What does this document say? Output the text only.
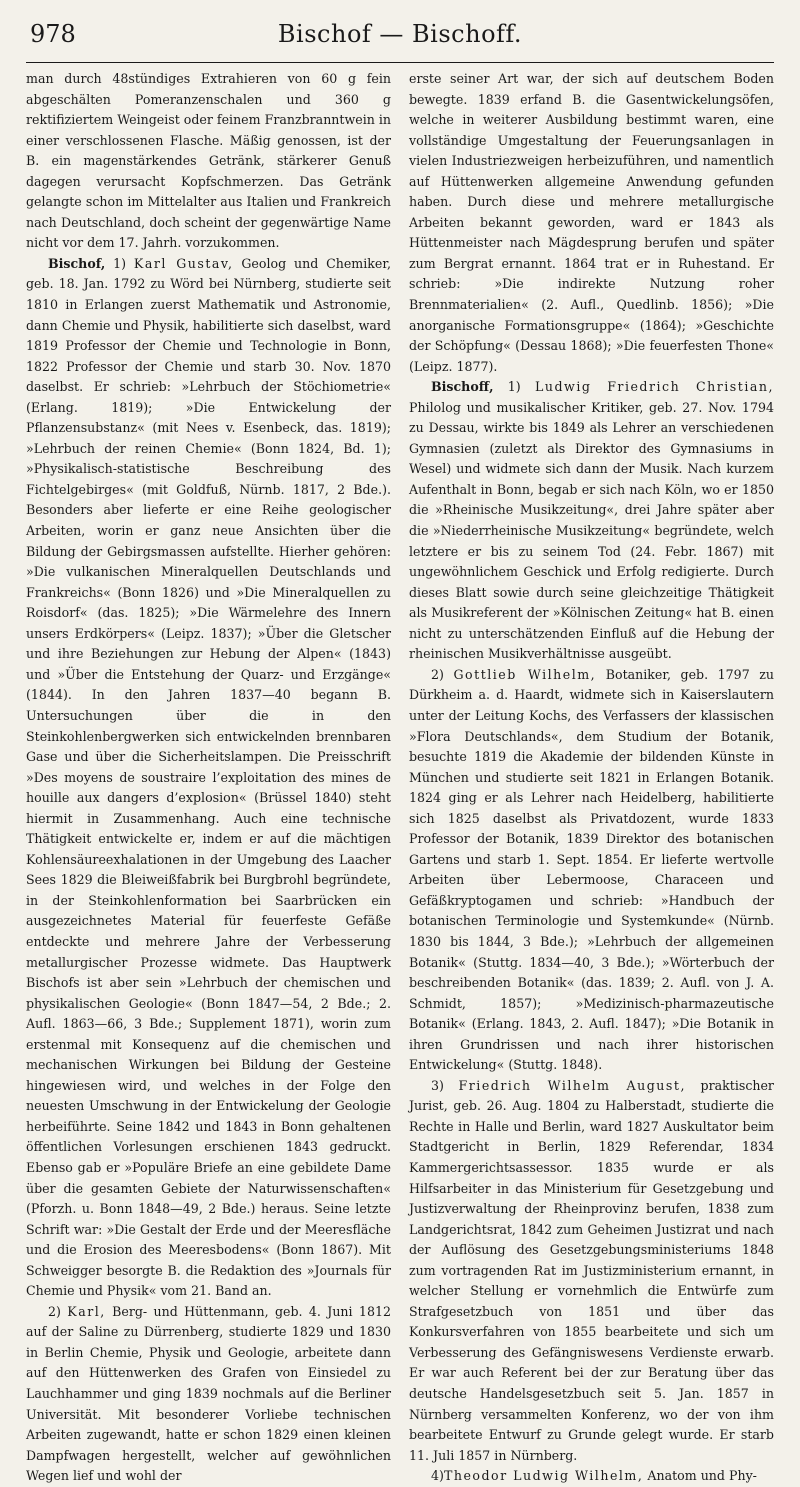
978	Bischof — Bischoff.

man durch 48stündiges Extrahieren von 60 g fein abgeschälten Pomeranzenschalen und 360 g rektifiziertem Weingeist oder feinem Franzbranntwein in einer verschlossenen Flasche. Mäßig genossen, ist der B. ein magenstärkendes Getränk, stärkerer Genuß dagegen verursacht Kopfschmerzen. Das Getränk gelangte schon im Mittelalter aus Italien und Frankreich nach Deutschland, doch scheint der gegenwärtige Name nicht vor dem 17. Jahrh. vorzukommen.

Bischof, 1) Karl Gustav, Geolog und Chemiker, geb. 18. Jan. 1792 zu Wörd bei Nürnberg, studierte seit 1810 in Erlangen zuerst Mathematik und Astronomie, dann Chemie und Physik, habilitierte sich daselbst, ward 1819 Professor der Chemie und Technologie in Bonn, 1822 Professor der Chemie und starb 30. Nov. 1870 daselbst. Er schrieb: »Lehrbuch der Stöchiometrie« (Erlang. 1819); »Die Entwickelung der Pflanzensubstanz« (mit Nees v. Esenbeck, das. 1819); »Lehrbuch der reinen Chemie« (Bonn 1824, Bd. 1); »Physikalisch-statistische Beschreibung des Fichtelgebirges« (mit Goldfuß, Nürnb. 1817, 2 Bde.). Besonders aber lieferte er eine Reihe geologischer Arbeiten, worin er ganz neue Ansichten über die Bildung der Gebirgsmassen aufstellte. Hierher gehören: »Die vulkanischen Mineralquellen Deutschlands und Frankreichs« (Bonn 1826) und »Die Mineralquellen zu Roisdorf« (das. 1825); »Die Wärmelehre des Innern unsers Erdkörpers« (Leipz. 1837); »Über die Gletscher und ihre Beziehungen zur Hebung der Alpen« (1843) und »Über die Entstehung der Quarz- und Erzgänge« (1844). In den Jahren 1837—40 begann B. Untersuchungen über die in den Steinkohlenbergwerken sich entwickelnden brennbaren Gase und über die Sicherheitslampen. Die Preisschrift »Des moyens de soustraire l’exploitation des mines de houille aux dangers d’explosion« (Brüssel 1840) steht hiermit in Zusammenhang. Auch eine technische Thätigkeit entwickelte er, indem er auf die mächtigen Kohlensäureexhalationen in der Umgebung des Laacher Sees 1829 die Bleiweißfabrik bei Burgbrohl begründete, in der Steinkohlenformation bei Saarbrücken ein ausgezeichnetes Material für feuerfeste Gefäße entdeckte und mehrere Jahre der Verbesserung metallurgischer Prozesse widmete. Das Hauptwerk Bischofs ist aber sein »Lehrbuch der chemischen und physikalischen Geologie« (Bonn 1847—54, 2 Bde.; 2. Aufl. 1863—66, 3 Bde.; Supplement 1871), worin zum erstenmal mit Konsequenz auf die chemischen und mechanischen Wirkungen bei Bildung der Gesteine hingewiesen wird, und welches in der Folge den neuesten Umschwung in der Entwickelung der Geologie herbeiführte. Seine 1842 und 1843 in Bonn gehaltenen öffentlichen Vorlesungen erschienen 1843 gedruckt. Ebenso gab er »Populäre Briefe an eine gebildete Dame über die gesamten Gebiete der Naturwissenschaften« (Pforzh. u. Bonn 1848—49, 2 Bde.) heraus. Seine letzte Schrift war: »Die Gestalt der Erde und der Meeresfläche und die Erosion des Meeresbodens« (Bonn 1867). Mit Schweigger besorgte B. die Redaktion des »Journals für Chemie und Physik« vom 21. Band an.

2) Karl, Berg- und Hüttenmann, geb. 4. Juni 1812 auf der Saline zu Dürrenberg, studierte 1829 und 1830 in Berlin Chemie, Physik und Geologie, arbeitete dann auf den Hüttenwerken des Grafen von Einsiedel zu Lauchhammer und ging 1839 nochmals auf die Berliner Universität. Mit besonderer Vorliebe technischen Arbeiten zugewandt, hatte er schon 1829 einen kleinen Dampfwagen hergestellt, welcher auf gewöhnlichen Wegen lief und wohl der

erste seiner Art war, der sich auf deutschem Boden bewegte. 1839 erfand B. die Gasentwickelungsöfen, welche in weiterer Ausbildung bestimmt waren, eine vollständige Umgestaltung der Feuerungsanlagen in vielen Industriezweigen herbeizuführen, und namentlich auf Hüttenwerken allgemeine Anwendung gefunden haben. Durch diese und mehrere metallurgische Arbeiten bekannt geworden, ward er 1843 als Hüttenmeister nach Mägdesprung berufen und später zum Bergrat ernannt. 1864 trat er in Ruhestand. Er schrieb: »Die indirekte Nutzung roher Brennmaterialien« (2. Aufl., Quedlinb. 1856); »Die anorganische Formationsgruppe« (1864); »Geschichte der Schöpfung« (Dessau 1868); »Die feuerfesten Thone« (Leipz. 1877).

Bischoff, 1) Ludwig Friedrich Christian, Philolog und musikalischer Kritiker, geb. 27. Nov. 1794 zu Dessau, wirkte bis 1849 als Lehrer an verschiedenen Gymnasien (zuletzt als Direktor des Gymnasiums in Wesel) und widmete sich dann der Musik. Nach kurzem Aufenthalt in Bonn, begab er sich nach Köln, wo er 1850 die »Rheinische Musikzeitung«, drei Jahre später aber die »Niederrheinische Musikzeitung« begründete, welch letztere er bis zu seinem Tod (24. Febr. 1867) mit ungewöhnlichem Geschick und Erfolg redigierte. Durch dieses Blatt sowie durch seine gleichzeitige Thätigkeit als Musikreferent der »Kölnischen Zeitung« hat B. einen nicht zu unterschätzenden Einfluß auf die Hebung der rheinischen Musikverhältnisse ausgeübt.

2) Gottlieb Wilhelm, Botaniker, geb. 1797 zu Dürkheim a. d. Haardt, widmete sich in Kaiserslautern unter der Leitung Kochs, des Verfassers der klassischen »Flora Deutschlands«, dem Studium der Botanik, besuchte 1819 die Akademie der bildenden Künste in München und studierte seit 1821 in Erlangen Botanik. 1824 ging er als Lehrer nach Heidelberg, habilitierte sich 1825 daselbst als Privatdozent, wurde 1833 Professor der Botanik, 1839 Direktor des botanischen Gartens und starb 1. Sept. 1854. Er lieferte wertvolle Arbeiten über Lebermoose, Characeen und Gefäßkryptogamen und schrieb: »Handbuch der botanischen Terminologie und Systemkunde« (Nürnb. 1830 bis 1844, 3 Bde.); »Lehrbuch der allgemeinen Botanik« (Stuttg. 1834—40, 3 Bde.); »Wörterbuch der beschreibenden Botanik« (das. 1839; 2. Aufl. von J. A. Schmidt, 1857); »Medizinisch-pharmazeutische Botanik« (Erlang. 1843, 2. Aufl. 1847); »Die Botanik in ihren Grundrissen und nach ihrer historischen Entwickelung« (Stuttg. 1848).

3) Friedrich Wilhelm August, praktischer Jurist, geb. 26. Aug. 1804 zu Halberstadt, studierte die Rechte in Halle und Berlin, ward 1827 Auskultator beim Stadtgericht in Berlin, 1829 Referendar, 1834 Kammergerichtsassessor. 1835 wurde er als Hilfsarbeiter in das Ministerium für Gesetzgebung und Justizverwaltung der Rheinprovinz berufen, 1838 zum Landgerichtsrat, 1842 zum Geheimen Justizrat und nach der Auflösung des Gesetzgebungsministeriums 1848 zum vortragenden Rat im Justizministerium ernannt, in welcher Stellung er vornehmlich die Entwürfe zum Strafgesetzbuch von 1851 und über das Konkursverfahren von 1855 bearbeitete und sich um Verbesserung des Gefängniswesens Verdienste erwarb. Er war auch Referent bei der zur Beratung über das deutsche Handelsgesetzbuch seit 5. Jan. 1857 in Nürnberg versammelten Konferenz, wo der von ihm bearbeitete Entwurf zu Grunde gelegt wurde. Er starb 11. Juli 1857 in Nürnberg.

4)Theodor Ludwig Wilhelm, Anatom und Phy-
